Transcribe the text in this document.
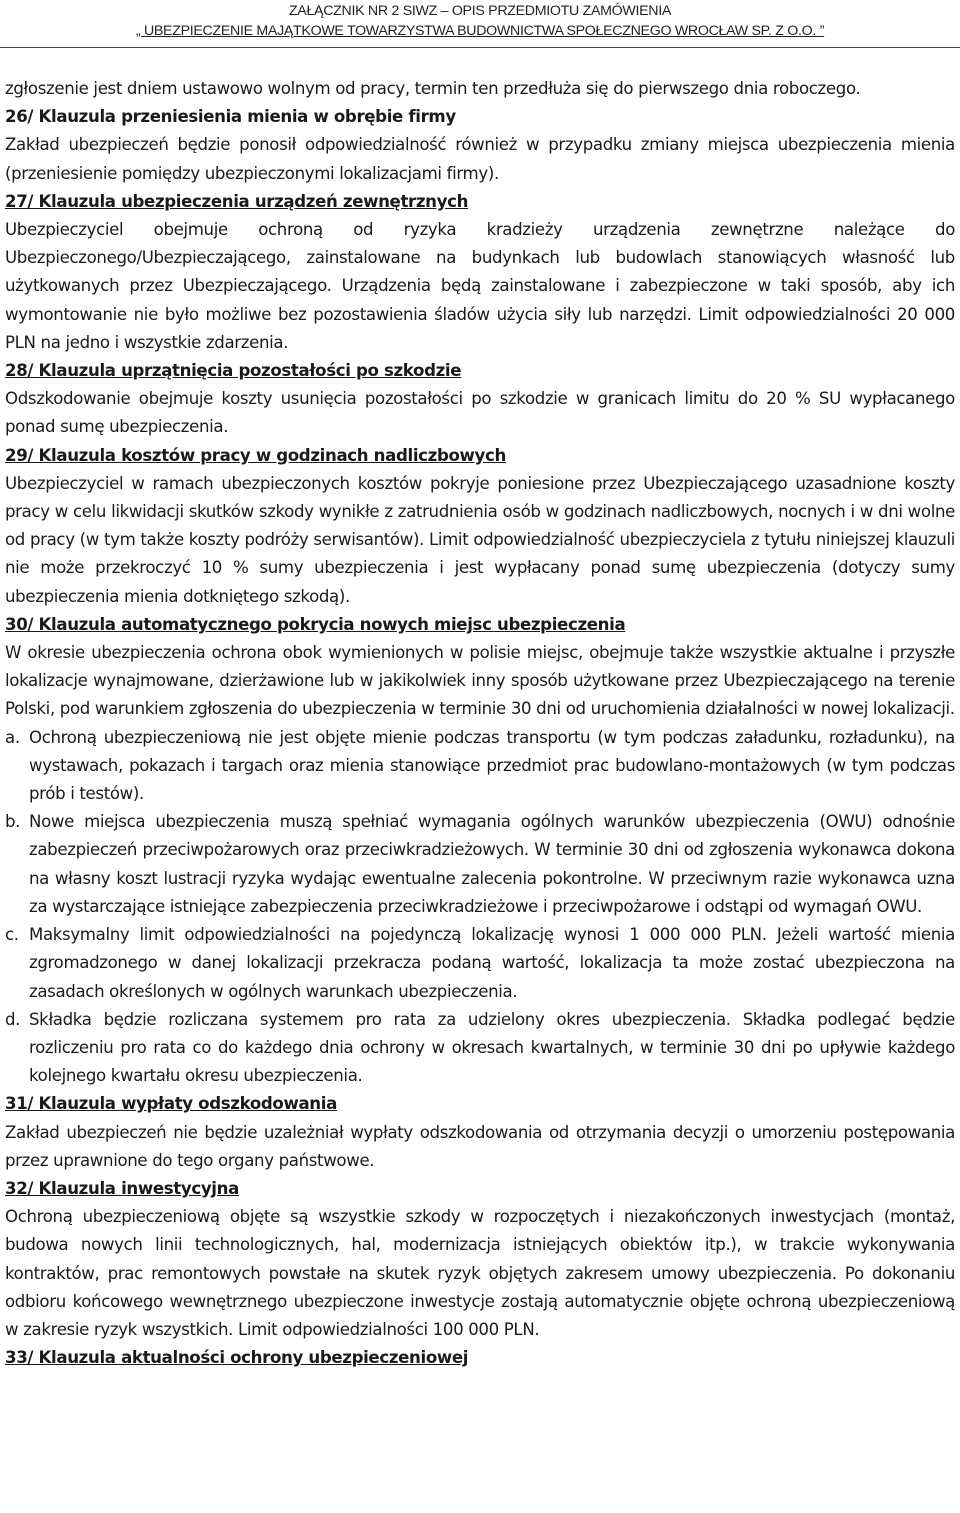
ZAŁĄCZNIK NR 2 SIWZ – OPIS PRZEDMIOTU ZAMÓWIENIA
„ UBEZPIECZENIE MAJĄTKOWE TOWARZYSTWA BUDOWNICTWA SPOŁECZNEGO WROCŁAW SP. Z O.O. ”

zgłoszenie jest dniem ustawowo wolnym od pracy, termin ten przedłuża się do pierwszego dnia roboczego.

26/ Klauzula przeniesienia mienia w obrębie firmy

Zakład ubezpieczeń będzie ponosił odpowiedzialność również w przypadku zmiany miejsca ubezpieczenia mienia (przeniesienie pomiędzy ubezpieczonymi lokalizacjami firmy).

27/ Klauzula ubezpieczenia urządzeń zewnętrznych

Ubezpieczyciel obejmuje ochroną od ryzyka kradzieży urządzenia zewnętrzne należące do Ubezpieczonego/Ubezpieczającego, zainstalowane na budynkach lub budowlach stanowiących własność lub użytkowanych przez Ubezpieczającego. Urządzenia będą zainstalowane i zabezpieczone w taki sposób, aby ich wymontowanie nie było możliwe bez pozostawienia śladów użycia siły lub narzędzi. Limit odpowiedzialności 20 000 PLN na jedno i wszystkie zdarzenia.

28/ Klauzula uprzątnięcia pozostałości po szkodzie

Odszkodowanie obejmuje koszty usunięcia pozostałości po szkodzie w granicach limitu do 20 % SU wypłacanego ponad sumę ubezpieczenia.

29/ Klauzula kosztów pracy w godzinach nadliczbowych

Ubezpieczyciel w ramach ubezpieczonych kosztów pokryje poniesione przez Ubezpieczającego uzasadnione koszty pracy w celu likwidacji skutków szkody wynikłe z zatrudnienia osób w godzinach nadliczbowych, nocnych i w dni wolne od pracy (w tym także koszty podróży serwisantów). Limit odpowiedzialność ubezpieczyciela z tytułu niniejszej klauzuli nie może przekroczyć 10 % sumy ubezpieczenia i jest wypłacany ponad sumę ubezpieczenia (dotyczy sumy ubezpieczenia mienia dotkniętego szkodą).

30/ Klauzula automatycznego pokrycia nowych miejsc ubezpieczenia

W okresie ubezpieczenia ochrona obok wymienionych w polisie miejsc, obejmuje także wszystkie aktualne i przyszłe lokalizacje wynajmowane, dzierżawione lub w jakikolwiek inny sposób użytkowane przez Ubezpieczającego na terenie Polski, pod warunkiem zgłoszenia do ubezpieczenia w terminie 30 dni od uruchomienia działalności w nowej lokalizacji.

a. Ochroną ubezpieczeniową nie jest objęte mienie podczas transportu (w tym podczas załadunku, rozładunku), na wystawach, pokazach i targach oraz mienia stanowiące przedmiot prac budowlano-montażowych (w tym podczas prób i testów).
b. Nowe miejsca ubezpieczenia muszą spełniać wymagania ogólnych warunków ubezpieczenia (OWU) odnośnie zabezpieczeń przeciwpożarowych oraz przeciwkradzieżowych. W terminie 30 dni od zgłoszenia wykonawca dokona na własny koszt lustracji ryzyka wydając ewentualne zalecenia pokontrolne. W przeciwnym razie wykonawca uzna za wystarczające istniejące zabezpieczenia przeciwkradzieżowe i przeciwpożarowe i odstąpi od wymagań OWU.
c. Maksymalny limit odpowiedzialności na pojedynczą lokalizację wynosi 1 000 000 PLN. Jeżeli wartość mienia zgromadzonego w danej lokalizacji przekracza podaną wartość, lokalizacja ta może zostać ubezpieczona na zasadach określonych w ogólnych warunkach ubezpieczenia.
d. Składka będzie rozliczana systemem pro rata za udzielony okres ubezpieczenia. Składka podlegać będzie rozliczeniu pro rata co do każdego dnia ochrony w okresach kwartalnych, w terminie 30 dni po upływie każdego kolejnego kwartału okresu ubezpieczenia.
31/ Klauzula wypłaty odszkodowania

Zakład ubezpieczeń nie będzie uzależniał wypłaty odszkodowania od otrzymania decyzji o umorzeniu postępowania przez uprawnione do tego organy państwowe.

32/ Klauzula inwestycyjna

Ochroną ubezpieczeniową objęte są wszystkie szkody w rozpoczętych i niezakończonych inwestycjach (montaż, budowa nowych linii technologicznych, hal, modernizacja istniejących obiektów itp.), w trakcie wykonywania kontraktów, prac remontowych powstałe na skutek ryzyk objętych zakresem umowy ubezpieczenia. Po dokonaniu odbioru końcowego wewnętrznego ubezpieczone inwestycje zostają automatycznie objęte ochroną ubezpieczeniową w zakresie ryzyk wszystkich. Limit odpowiedzialności 100 000 PLN.

33/ Klauzula aktualności ochrony ubezpieczeniowej
